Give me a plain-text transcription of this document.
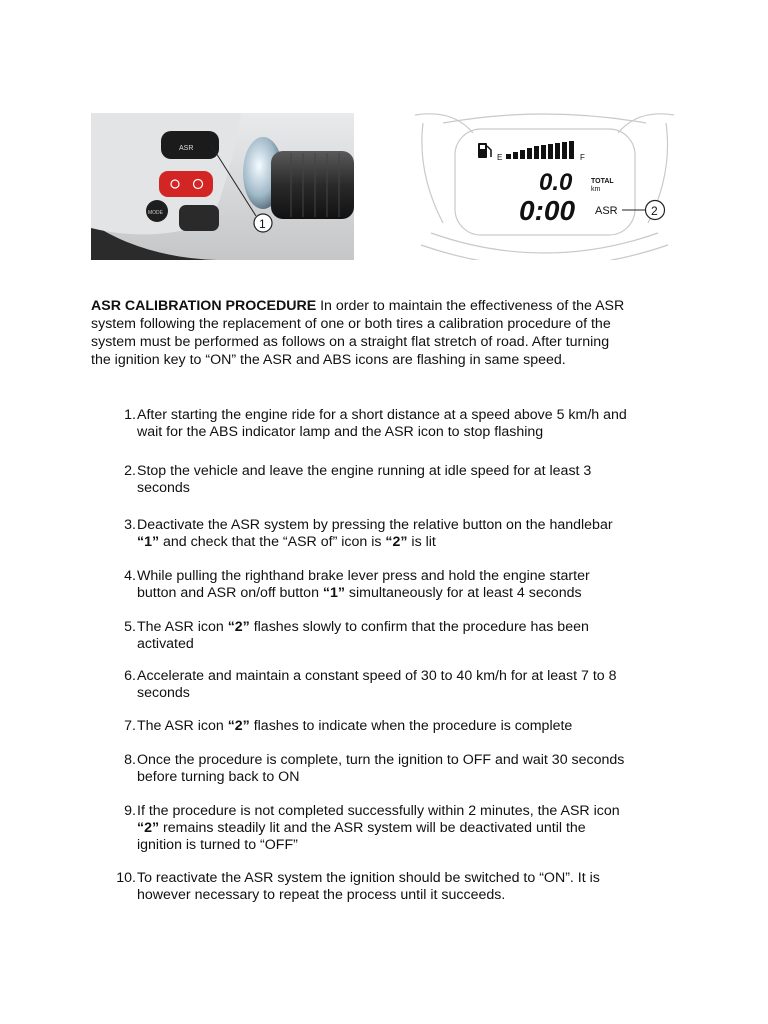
ASR
MODE
1
E	F
0.0	TOTAL
km
0:00 ASR	2
ASR CALIBRATION PROCEDURE In order to maintain the effectiveness of the ASR
system following the replacement of one or both tires a calibration procedure of the
system must be performed as follows on a straight flat stretch of road. After turning
the ignition key to “ON” the ASR and ABS icons are flashing in same speed.
1. After starting the engine ride for a short distance at a speed above 5 km/h and
wait for the ABS indicator lamp and the ASR icon to stop flashing
2. Stop the vehicle and leave the engine running at idle speed for at least 3
seconds
3. Deactivate the ASR system by pressing the relative button on the handlebar
“1” and check that the “ASR of” icon is “2” is lit
4. While pulling the righthand brake lever press and hold the engine starter
button and ASR on/off button “1” simultaneously for at least 4 seconds
5. The ASR icon “2” flashes slowly to confirm that the procedure has been
activated
6. Accelerate and maintain a constant speed of 30 to 40 km/h for at least 7 to 8
seconds
7. The ASR icon “2” flashes to indicate when the procedure is complete
8. Once the procedure is complete, turn the ignition to OFF and wait 30 seconds
before turning back to ON
9. If the procedure is not completed successfully within 2 minutes, the ASR icon
“2” remains steadily lit and the ASR system will be deactivated until the
ignition is turned to “OFF”
10. To reactivate the ASR system the ignition should be switched to “ON”. It is
however necessary to repeat the process until it succeeds.
